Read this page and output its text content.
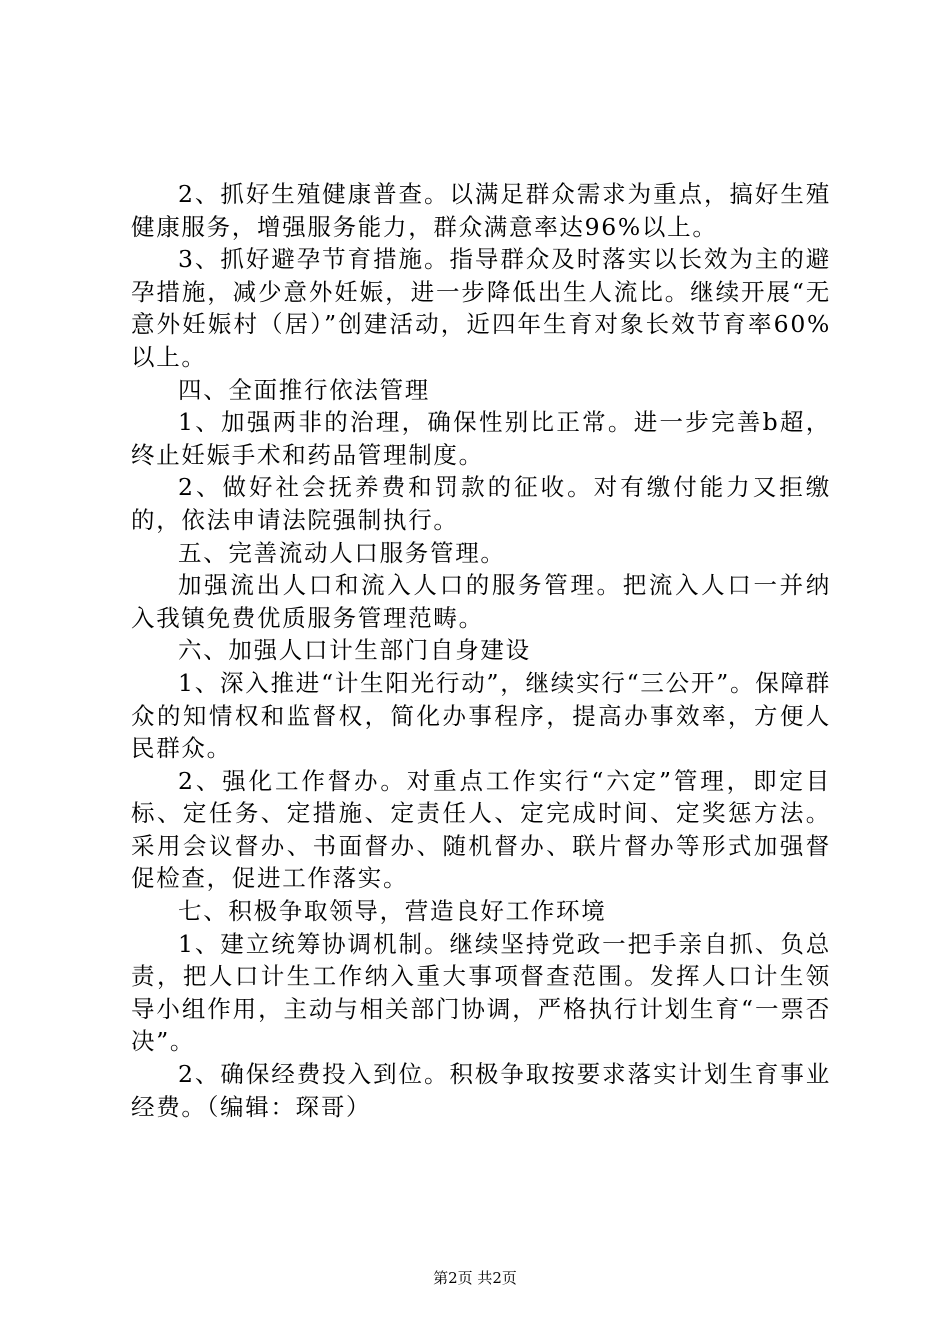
2、抓好生殖健康普查。以满足群众需求为重点，搞好生殖健康服务，增强服务能力，群众满意率达96%以上。

3、抓好避孕节育措施。指导群众及时落实以长效为主的避孕措施，减少意外妊娠，进一步降低出生人流比。继续开展“无意外妊娠村（居）”创建活动，近四年生育对象长效节育率60%以上。

四、全面推行依法管理

1、加强两非的治理，确保性别比正常。进一步完善b超，终止妊娠手术和药品管理制度。

2、做好社会抚养费和罚款的征收。对有缴付能力又拒缴的，依法申请法院强制执行。

五、完善流动人口服务管理。

加强流出人口和流入人口的服务管理。把流入人口一并纳入我镇免费优质服务管理范畴。

六、加强人口计生部门自身建设

1、深入推进“计生阳光行动”，继续实行“三公开”。保障群众的知情权和监督权，简化办事程序，提高办事效率，方便人民群众。

2、强化工作督办。对重点工作实行“六定”管理，即定目标、定任务、定措施、定责任人、定完成时间、定奖惩方法。采用会议督办、书面督办、随机督办、联片督办等形式加强督促检查，促进工作落实。

七、积极争取领导，营造良好工作环境

1、建立统筹协调机制。继续坚持党政一把手亲自抓、负总责，把人口计生工作纳入重大事项督查范围。发挥人口计生领导小组作用，主动与相关部门协调，严格执行计划生育“一票否决”。

2、确保经费投入到位。积极争取按要求落实计划生育事业经费。（编辑：琛哥）

第2页 共2页
